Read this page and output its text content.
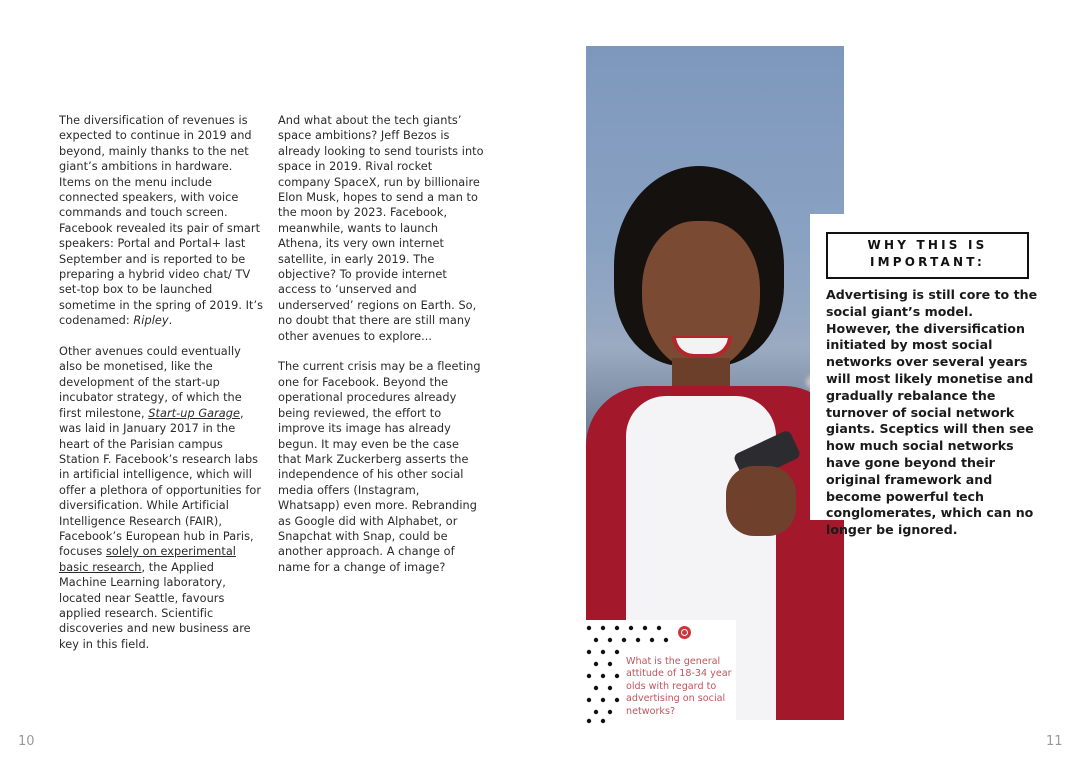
The diversification of revenues is expected to continue in 2019 and beyond, mainly thanks to the net giant’s ambitions in hardware. Items on the menu include connected speakers, with voice commands and touch screen. Facebook revealed its pair of smart speakers: Portal and Portal+ last September and is reported to be preparing a hybrid video chat/ TV set-top box to be launched sometime in the spring of 2019. It’s codenamed: Ripley.

Other avenues could eventually also be monetised, like the development of the start-up incubator strategy, of which the first milestone, Start-up Garage, was laid in January 2017 in the heart of the Parisian campus Station F. Facebook’s research labs in artificial intelligence, which will offer a plethora of opportunities for diversification. While Artificial Intelligence Research (FAIR), Facebook’s European hub in Paris, focuses solely on experimental basic research, the Applied Machine Learning laboratory, located near Seattle, favours applied research. Scientific discoveries and new business are key in this field.

And what about the tech giants’ space ambitions? Jeff Bezos is already looking to send tourists into space in 2019. Rival rocket company SpaceX, run by billionaire Elon Musk, hopes to send a man to the moon by 2023. Facebook, meanwhile, wants to launch Athena, its very own internet satellite, in early 2019. The objective? To provide internet access to ‘unserved and underserved’ regions on Earth. So, no doubt that there are still many other avenues to explore...

The current crisis may be a fleeting one for Facebook. Beyond the operational procedures already being reviewed, the effort to improve its image has already begun. It may even be the case that Mark Zuckerberg asserts the independence of his other social media offers (Instagram, Whatsapp) even more. Rebranding as Google did with Alphabet, or Snapchat with Snap, could be another approach. A change of name for a change of image?

WHY THIS IS IMPORTANT:
Advertising is still core to the social giant’s model. However, the diversification initiated by most social networks over several years will most likely monetise and gradually rebalance the turnover of social network giants. Sceptics will then see how much social networks have gone beyond their original framework and become powerful tech conglomerates, which can no longer be ignored.
What is the general attitude of 18-34 year olds with regard to advertising on social networks?
10	11
